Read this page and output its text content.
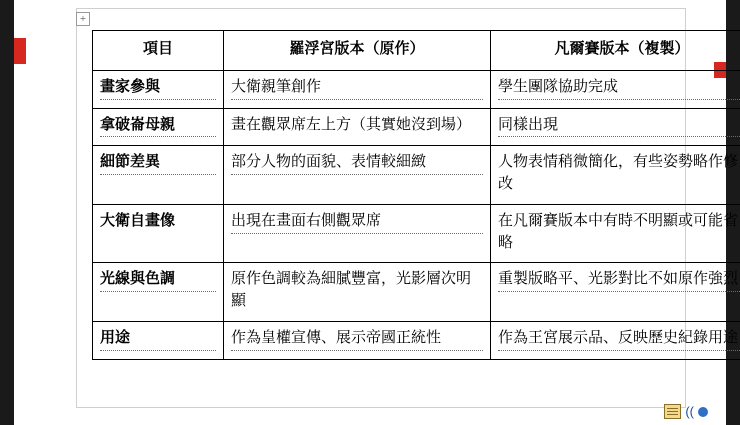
+
項目	羅浮宮版本（原作）	凡爾賽版本（複製）

畫家參與	大衛親筆創作	學生團隊協助完成

拿破崙母親	畫在觀眾席左上方（其實她沒到場）	同樣出現

細節差異	部分人物的面貌、表情較細緻	人物表情稍微簡化，有些姿勢略作修改

大衛自畫像	出現在畫面右側觀眾席	在凡爾賽版本中有時不明顯或可能省略

光線與色調	原作色調較為細膩豐富，光影層次明顯	重製版略平、光影對比不如原作強烈

用途	作為皇權宣傳、展示帝國正統性	作為王宮展示品、反映歷史紀錄用途
((
